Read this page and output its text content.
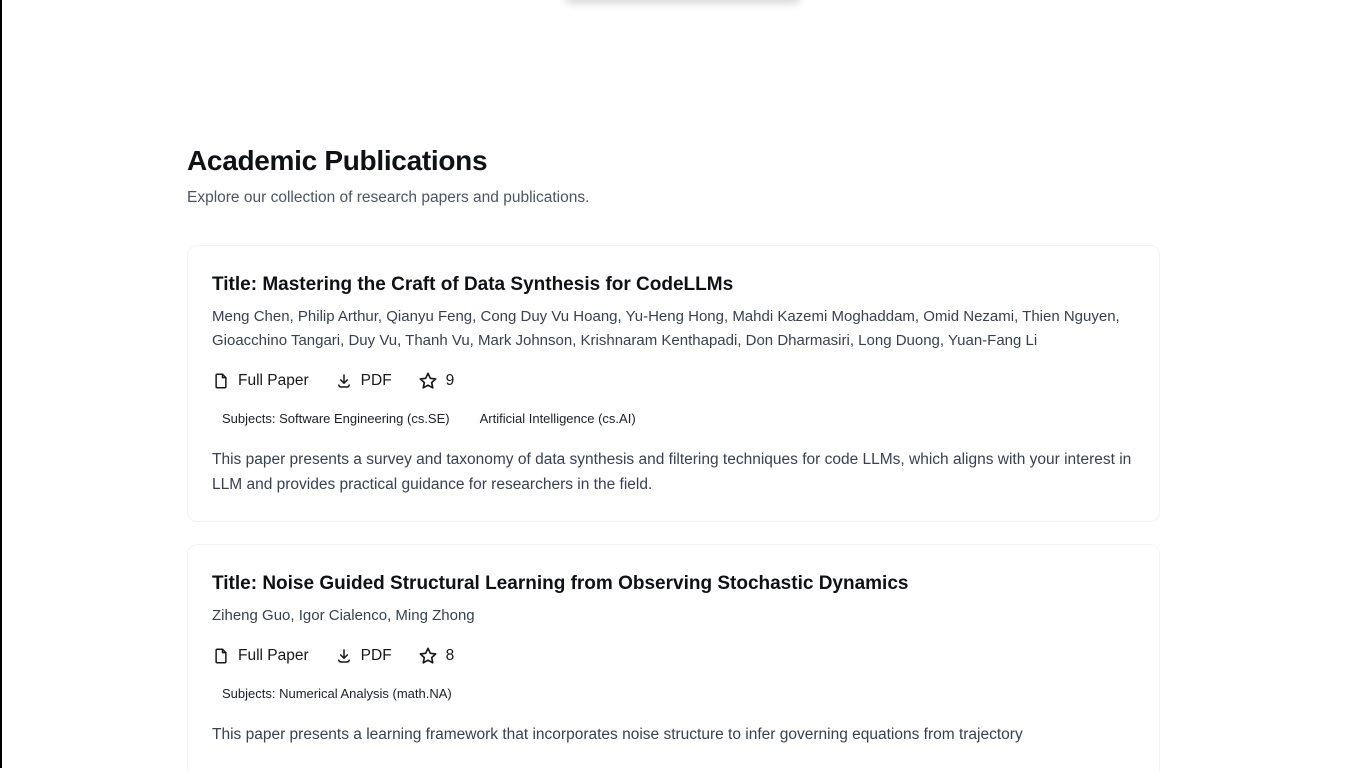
Academic Publications

Explore our collection of research papers and publications.

Title: Mastering the Craft of Data Synthesis for CodeLLMs

Meng Chen, Philip Arthur, Qianyu Feng, Cong Duy Vu Hoang, Yu-Heng Hong, Mahdi Kazemi Moghaddam, Omid Nezami, Thien Nguyen, Gioacchino Tangari, Duy Vu, Thanh Vu, Mark Johnson, Krishnaram Kenthapadi, Don Dharmasiri, Long Duong, Yuan-Fang Li

Full Paper	PDF	9
Subjects: Software Engineering (cs.SE) Artificial Intelligence (cs.AI)

This paper presents a survey and taxonomy of data synthesis and filtering techniques for code LLMs, which aligns with your interest in LLM and provides practical guidance for researchers in the field.

Title: Noise Guided Structural Learning from Observing Stochastic Dynamics

Ziheng Guo, Igor Cialenco, Ming Zhong

Full Paper	PDF	8
Subjects: Numerical Analysis (math.NA)

This paper presents a learning framework that incorporates noise structure to infer governing equations from trajectory
